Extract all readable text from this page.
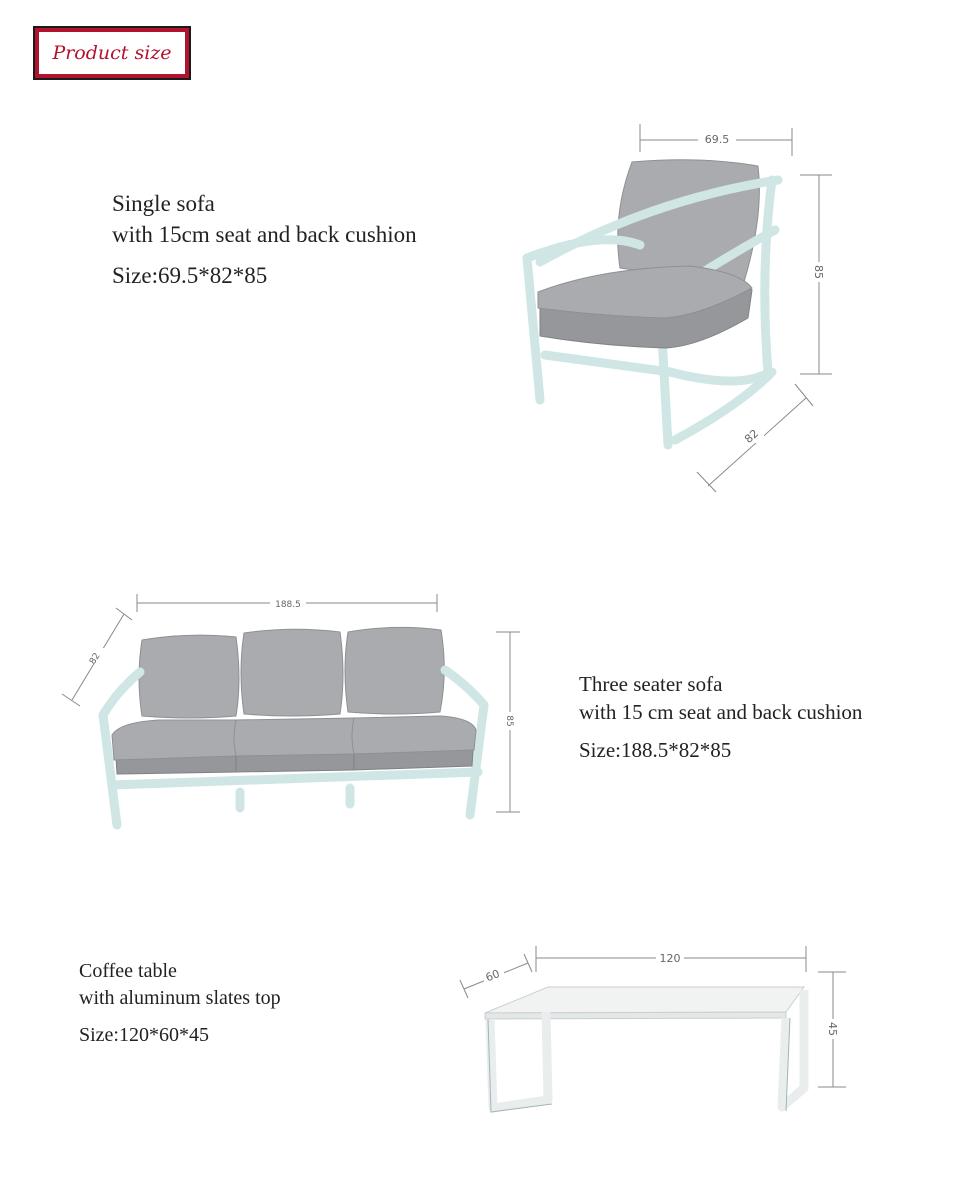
Product size
Single sofa
with 15cm seat and back cushion
Size:69.5*82*85
Three seater sofa
with 15 cm seat and back cushion
Size:188.5*82*85
Coffee table
with aluminum slates top
Size:120*60*45
69.5
85
82
188.5
85
82
120
60
45
